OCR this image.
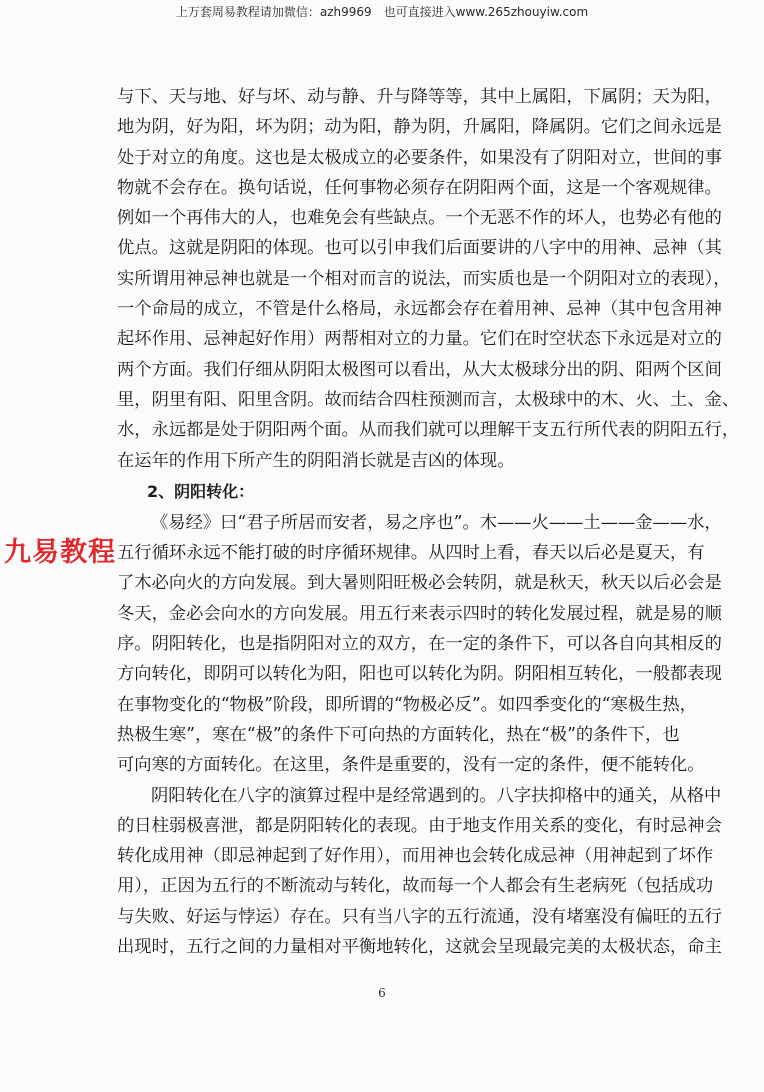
上万套周易教程请加微信：azh9969　也可直接进入www.265zhouyiw.com
九易教程
与下、天与地、好与坏、动与静、升与降等等，其中上属阳，下属阴；天为阳，
地为阴，好为阳，坏为阴；动为阳，静为阴，升属阳，降属阴。它们之间永远是
处于对立的角度。这也是太极成立的必要条件，如果没有了阴阳对立，世间的事
物就不会存在。换句话说，任何事物必须存在阴阳两个面，这是一个客观规律。
例如一个再伟大的人，也难免会有些缺点。一个无恶不作的坏人，也势必有他的
优点。这就是阴阳的体现。也可以引申我们后面要讲的八字中的用神、忌神（其
实所谓用神忌神也就是一个相对而言的说法，而实质也是一个阴阳对立的表现），
一个命局的成立，不管是什么格局，永远都会存在着用神、忌神（其中包含用神
起坏作用、忌神起好作用）两帮相对立的力量。它们在时空状态下永远是对立的
两个方面。我们仔细从阴阳太极图可以看出，从大太极球分出的阴、阳两个区间
里，阴里有阳、阳里含阴。故而结合四柱预测而言，太极球中的木、火、土、金、
水，永远都是处于阴阳两个面。从而我们就可以理解干支五行所代表的阴阳五行，
在运年的作用下所产生的阴阳消长就是吉凶的体现。
2、阴阳转化：
《易经》曰“君子所居而安者，易之序也”。木——火——土——金——水，
五行循环永远不能打破的时序循环规律。从四时上看，春天以后必是夏天，有
了木必向火的方向发展。到大暑则阳旺极必会转阴，就是秋天，秋天以后必会是
冬天，金必会向水的方向发展。用五行来表示四时的转化发展过程，就是易的顺
序。阴阳转化，也是指阴阳对立的双方，在一定的条件下，可以各自向其相反的
方向转化，即阴可以转化为阳，阳也可以转化为阴。阴阳相互转化，一般都表现
在事物变化的“物极”阶段，即所谓的“物极必反”。如四季变化的“寒极生热，
热极生寒”，寒在“极”的条件下可向热的方面转化，热在“极”的条件下，也
可向寒的方面转化。在这里，条件是重要的，没有一定的条件，便不能转化。
阴阳转化在八字的演算过程中是经常遇到的。八字扶抑格中的通关，从格中
的日柱弱极喜泄，都是阴阳转化的表现。由于地支作用关系的变化，有时忌神会
转化成用神（即忌神起到了好作用），而用神也会转化成忌神（用神起到了坏作
用），正因为五行的不断流动与转化，故而每一个人都会有生老病死（包括成功
与失败、好运与悖运）存在。只有当八字的五行流通，没有堵塞没有偏旺的五行
出现时，五行之间的力量相对平衡地转化，这就会呈现最完美的太极状态，命主
6
